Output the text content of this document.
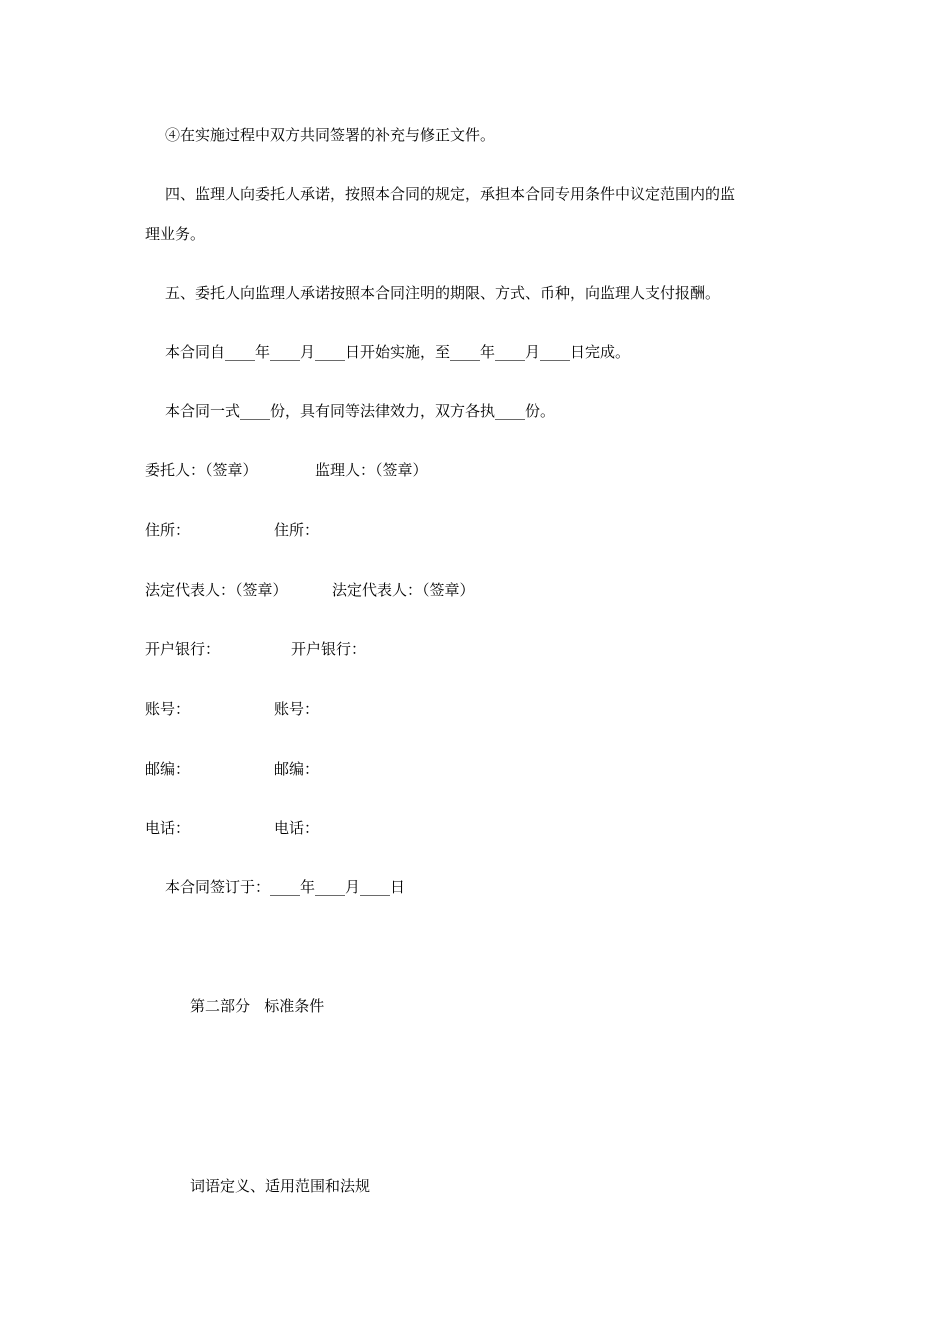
④在实施过程中双方共同签署的补充与修正文件。
四、监理人向委托人承诺，按照本合同的规定，承担本合同专用条件中议定范围内的监
理业务。
五、委托人向监理人承诺按照本合同注明的期限、方式、币种，向监理人支付报酬。
本合同自____年____月____日开始实施，至____年____月____日完成。
本合同一式____份，具有同等法律效力，双方各执____份。
委托人：（签章）	监理人：（签章）
住所：	住所：
法定代表人：（签章）	法定代表人：（签章）
开户银行：	开户银行：
账号：	账号：
邮编：	邮编：
电话：	电话：
本合同签订于：____年____月____日
第二部分   标准条件
词语定义、适用范围和法规
